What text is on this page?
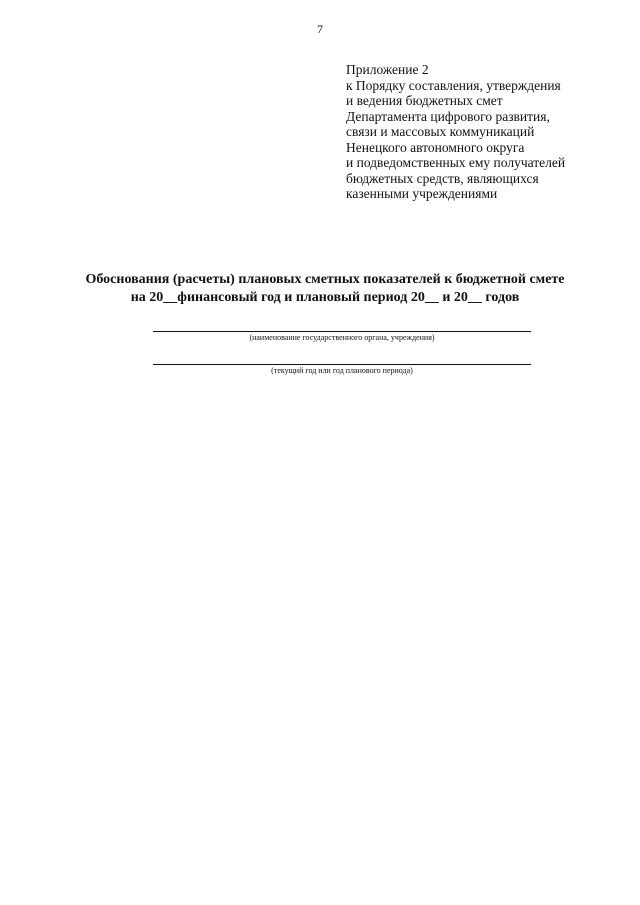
7
Приложение 2
к Порядку составления, утверждения
и ведения бюджетных смет
Департамента цифрового развития,
связи и массовых коммуникаций
Ненецкого автономного округа
и подведомственных ему получателей
бюджетных средств, являющихся
казенными учреждениями
Обоснования (расчеты) плановых сметных показателей к бюджетной смете
на 20__финансовый год и плановый период 20__ и 20__ годов
(наименование государственного органа, учреждения)
(текущий год или год планового периода)
